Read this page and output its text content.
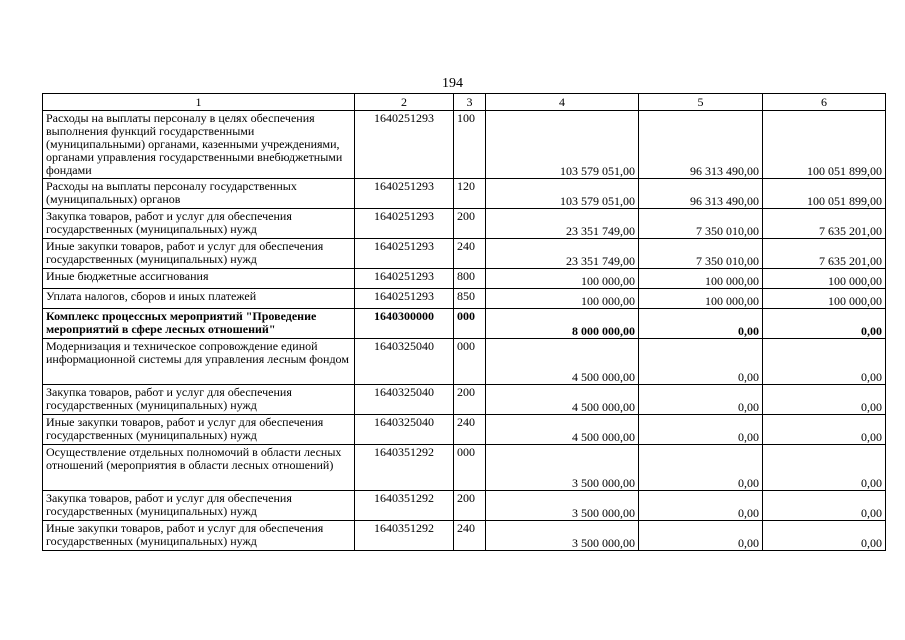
194
1	2	3	4	5	6
Расходы на выплаты персоналу в целях обеспечения выполнения функций государственными (муниципальными) органами, казенными учреждениями, органами управления государственными внебюджетными фондами	1640251293	100	103 579 051,00	96 313 490,00	100 051 899,00
Расходы на выплаты персоналу государственных (муниципальных) органов	1640251293	120	103 579 051,00	96 313 490,00	100 051 899,00
Закупка товаров, работ и услуг для обеспечения государственных (муниципальных) нужд	1640251293	200	23 351 749,00	7 350 010,00	7 635 201,00
Иные закупки товаров, работ и услуг для обеспечения государственных (муниципальных) нужд	1640251293	240	23 351 749,00	7 350 010,00	7 635 201,00
Иные бюджетные ассигнования	1640251293	800	100 000,00	100 000,00	100 000,00
Уплата налогов, сборов и иных платежей	1640251293	850	100 000,00	100 000,00	100 000,00
Комплекс процессных мероприятий "Проведение мероприятий в сфере лесных отношений"	1640300000	000	8 000 000,00	0,00	0,00
Модернизация и техническое сопровождение единой информационной системы для управления лесным фондом	1640325040	000	4 500 000,00	0,00	0,00
Закупка товаров, работ и услуг для обеспечения государственных (муниципальных) нужд	1640325040	200	4 500 000,00	0,00	0,00
Иные закупки товаров, работ и услуг для обеспечения государственных (муниципальных) нужд	1640325040	240	4 500 000,00	0,00	0,00
Осуществление отдельных полномочий в области лесных отношений (мероприятия в области лесных отношений)	1640351292	000	3 500 000,00	0,00	0,00
Закупка товаров, работ и услуг для обеспечения государственных (муниципальных) нужд	1640351292	200	3 500 000,00	0,00	0,00
Иные закупки товаров, работ и услуг для обеспечения государственных (муниципальных) нужд	1640351292	240	3 500 000,00	0,00	0,00
